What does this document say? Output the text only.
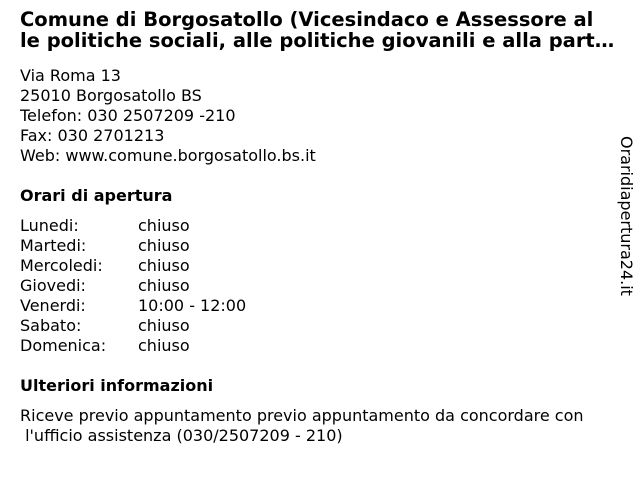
Comune di Borgosatollo (Vicesindaco e Assessore al
le politiche sociali, alle politiche giovanili e alla part…
Via Roma 13
25010 Borgosatollo BS
Telefon: 030 2507209 -210
Fax: 030 2701213
Web: www.comune.borgosatollo.bs.it
Orari di apertura
Lunedi:	chiuso
Martedi:	chiuso
Mercoledi: chiuso
Giovedi:	chiuso
Venerdi:	10:00 - 12:00
Sabato:	chiuso
Domenica: chiuso
Ulteriori informazioni
Riceve previo appuntamento previo appuntamento da concordare con
l'ufficio assistenza (030/2507209 - 210)
Oraridiapertura24.it
